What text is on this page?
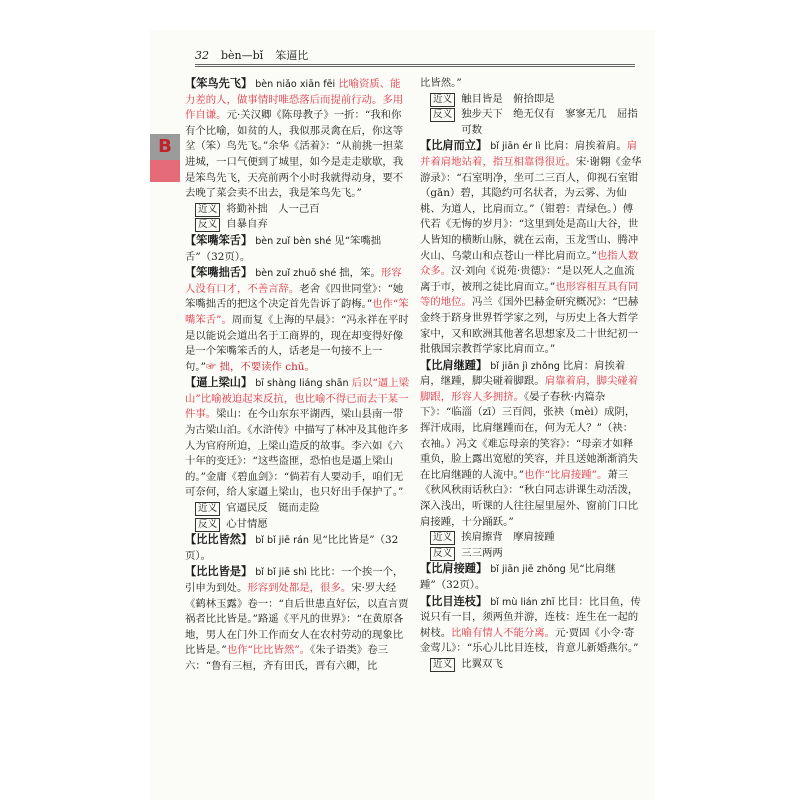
32 bèn—bǐ 笨逼比
B
【笨鸟先飞】 bèn niǎo xiān fēi 比喻资质、能力差的人，做事情时唯恐落后而提前行动。多用作自谦。元·关汉卿《陈母教子》一折：“我和你有个比喻，如贫的人，我似那灵禽在后，你这等坌（笨）鸟先飞。”余华《活着》：“从前挑一担菜进城，一口气便到了城里，如今是走走歇歇，我是笨鸟先飞，天亮前两个小时我就得动身，要不去晚了菜会卖不出去，我是笨鸟先飞。”
近义 将勤补拙　人一己百
反义 自暴自弃
【笨嘴笨舌】 bèn zuǐ bèn shé 见“笨嘴拙舌”（32页）。
【笨嘴拙舌】 bèn zuǐ zhuō shé 拙，笨。形容人没有口才，不善言辞。老舍《四世同堂》：“她笨嘴拙舌的把这个决定首先告诉了韵梅。”也作“笨嘴笨舌”。周而复《上海的早晨》：“冯永祥在平时是以能说会道出名于工商界的，现在却变得好像是一个笨嘴笨舌的人，话老是一句接不上一句。”☞ 拙，不要读作 chū。
【逼上梁山】 bī shàng liáng shān 后以“逼上梁山”比喻被迫起来反抗，也比喻不得已而去干某一件事。梁山：在今山东东平湖西，梁山县南一带为古梁山泊。《水浒传》中描写了林冲及其他许多人为官府所迫，上梁山造反的故事。李六如《六十年的变迁》：“这些盗匪，恐怕也是逼上梁山的。”金庸《碧血剑》：“倘若有人要动手，咱们无可奈何，给人家逼上梁山，也只好出手保护了。”
近义 官逼民反　铤而走险
反义 心甘情愿
【比比皆然】 bǐ bǐ jiē rán 见“比比皆是”（32页）。
【比比皆是】 bǐ bǐ jiē shì 比比：一个挨一个，引申为到处。形容到处都是，很多。宋·罗大经《鹤林玉露》卷一：“自后世患直好伝，以直言贾祸者比比皆是。”路遥《平凡的世界》：“在黄原各地，男人在门外工作而女人在农村劳动的现象比比皆是。”也作“比比皆然”。《朱子语类》卷三六：“鲁有三桓，齐有田氏，晋有六卿，比
比皆然。”
近义 触目皆是　俯拾即是
反义 独步天下　绝无仅有　寥寥无几　屈指可数
【比肩而立】 bǐ jiān ér lì 比肩：肩挨着肩。肩并着肩地站着，指互相靠得很近。宋·谢翱《金华游录》：“石室明净，坐可二三百人，仰视石室钳（gān）碧，其隐约可名状者，为云雾、为仙桃、为道人，比肩而立。”（钳碧：青绿色。）傅代若《无悔的岁月》：“这里到处是高山大谷，世人皆知的横断山脉，就在云南，玉龙雪山、腾冲火山、乌蒙山和点苍山一样比肩而立。”也指人数众多。汉·刘向《说苑·贵德》：“是以死人之血流离于市，被刑之徒比肩而立。”也形容相互具有同等的地位。冯兰《国外巴赫金研究概况》：“巴赫金终于跻身世界哲学家之列，与历史上各大哲学家中，又和欧洲其他著名思想家及二十世纪初一批俄国宗教哲学家比肩而立。”
【比肩继踵】 bǐ jiān jì zhǒng 比肩：肩挨着肩，继踵，脚尖碰着脚跟。肩靠着肩，脚尖碰着脚跟，形容人多拥挤。《晏子春秋·内篇杂下》：“临淄（zī）三百闾，张袂（mèi）成阴，挥汗成雨，比肩继踵而在，何为无人？”（袂：衣袖。）冯文《难忘母亲的笑容》：“母亲才如释重负，脸上露出宽慰的笑容，并且送她渐渐消失在比肩继踵的人流中。”也作“比肩接踵”。萧三《秋风秋雨话秋白》：“秋白同志讲课生动活泼，深入浅出，听课的人往往屋里屋外、窗前门口比肩接踵，十分踊跃。”
近义 挨肩擦背　摩肩接踵
反义 三三两两
【比肩接踵】 bǐ jiān jiē zhǒng 见“比肩继踵”（32页）。
【比目连枝】 bǐ mù lián zhī 比目：比目鱼，传说只有一目，须两鱼并游，连枝：连生在一起的树枝。比喻有情人不能分离。元·贾固《小令·寄金莺儿》：“乐心儿比目连枝，肯意儿新婚燕尔。”
近义 比翼双飞
